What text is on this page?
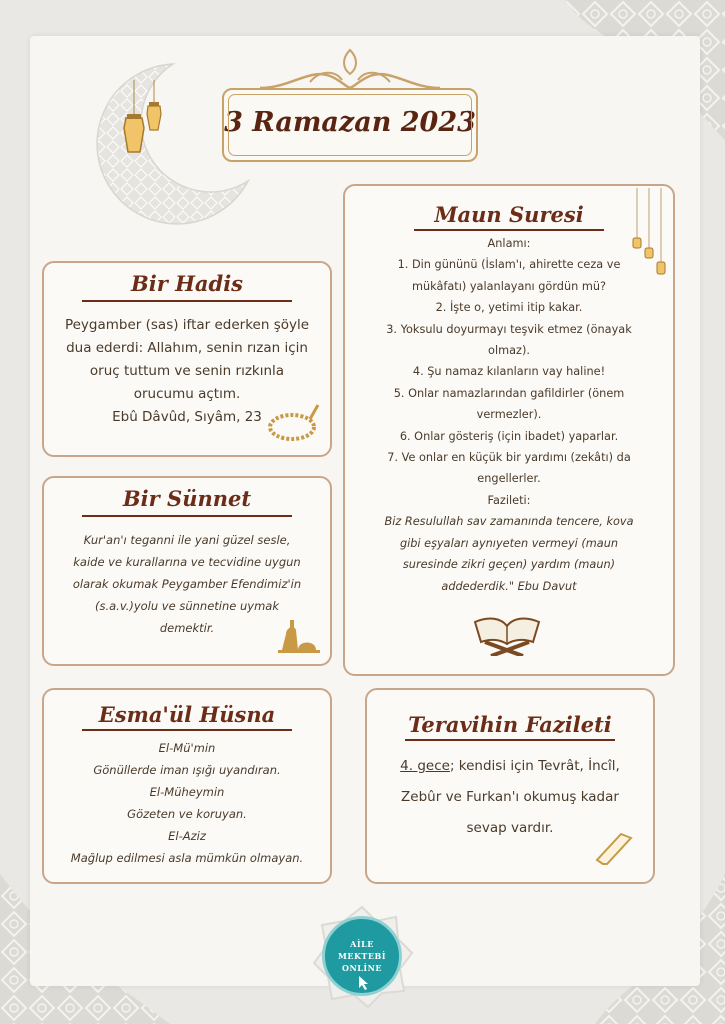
3 Ramazan 2023
Bir Hadis
Peygamber (sas) iftar ederken şöyle
dua ederdi: Allahım, senin rızan için
oruç tuttum ve senin rızkınla
orucumu açtım.
Ebû Dâvûd, Sıyâm, 23
Bir Sünnet
Kur'an'ı teganni ile yani güzel sesle,
kaide ve kurallarına ve tecvidine uygun
olarak okumak Peygamber Efendimiz'in
(s.a.v.)yolu ve sünnetine uymak
demektir.
Maun Suresi
Anlamı:
1. Din gününü (İslam'ı, ahirette ceza ve
mükâfatı) yalanlayanı gördün mü?
2. İşte o, yetimi itip kakar.
3. Yoksulu doyurmayı teşvik etmez (önayak
olmaz).
4. Şu namaz kılanların vay haline!
5. Onlar namazlarından gafildirler (önem
vermezler).
6. Onlar gösteriş (için ibadet) yaparlar.
7. Ve onlar en küçük bir yardımı (zekâtı) da
engellerler.
Fazileti:
Biz Resulullah sav zamanında tencere, kova
gibi eşyaları aynıyeten vermeyi (maun
suresinde zikri geçen) yardım (maun)
addederdik." Ebu Davut
Esma'ül Hüsna
El-Mü'min
Gönüllerde iman ışığı uyandıran.
El-Müheymin
Gözeten ve koruyan.
El-Aziz
Mağlup edilmesi asla mümkün olmayan.
Teravihin Fazileti
4. gece; kendisi için Tevrât, İncîl,
Zebûr ve Furkan'ı okumuş kadar
sevap vardır.
AİLE
MEKTEBİ
ONLİNE
